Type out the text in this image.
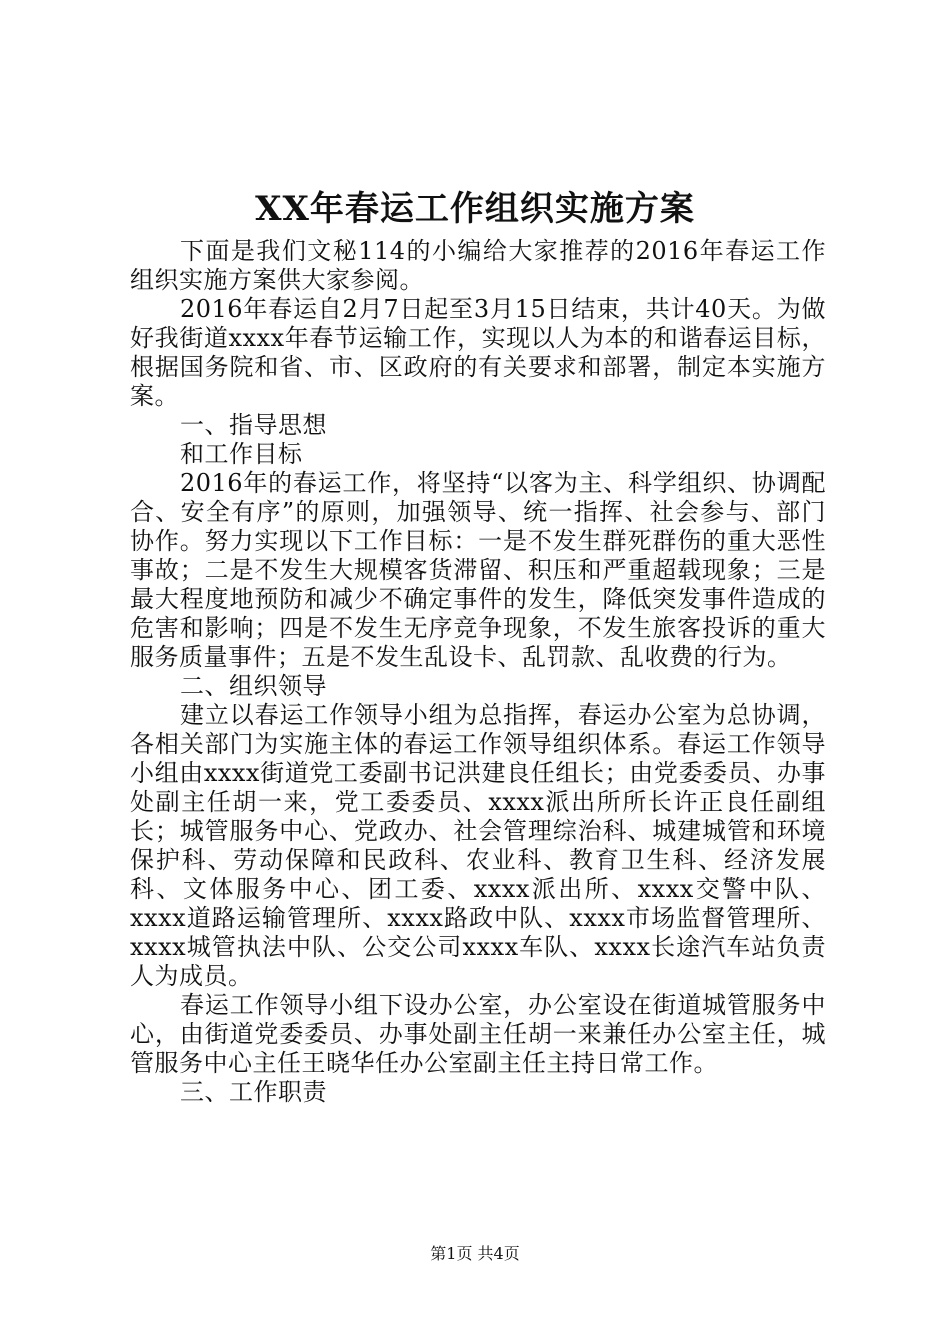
XX年春运工作组织实施方案

下面是我们文秘114的小编给大家推荐的2016年春运工作组织实施方案供大家参阅。

2016年春运自2月7日起至3月15日结束，共计40天。为做好我街道xxxx年春节运输工作，实现以人为本的和谐春运目标，根据国务院和省、市、区政府的有关要求和部署，制定本实施方案。

一、指导思想

和工作目标

2016年的春运工作，将坚持“以客为主、科学组织、协调配合、安全有序”的原则，加强领导、统一指挥、社会参与、部门协作。努力实现以下工作目标：一是不发生群死群伤的重大恶性事故；二是不发生大规模客货滞留、积压和严重超载现象；三是最大程度地预防和减少不确定事件的发生，降低突发事件造成的危害和影响；四是不发生无序竞争现象，不发生旅客投诉的重大服务质量事件；五是不发生乱设卡、乱罚款、乱收费的行为。

二、组织领导

建立以春运工作领导小组为总指挥，春运办公室为总协调，各相关部门为实施主体的春运工作领导组织体系。春运工作领导小组由xxxx街道党工委副书记洪建良任组长；由党委委员、办事处副主任胡一来，党工委委员、xxxx派出所所长许正良任副组长；城管服务中心、党政办、社会管理综治科、城建城管和环境保护科、劳动保障和民政科、农业科、教育卫生科、经济发展科、文体服务中心、团工委、xxxx派出所、xxxx交警中队、xxxx道路运输管理所、xxxx路政中队、xxxx市场监督管理所、xxxx城管执法中队、公交公司xxxx车队、xxxx长途汽车站负责人为成员。

春运工作领导小组下设办公室，办公室设在街道城管服务中心，由街道党委委员、办事处副主任胡一来兼任办公室主任，城管服务中心主任王晓华任办公室副主任主持日常工作。

三、工作职责

第1页 共4页
